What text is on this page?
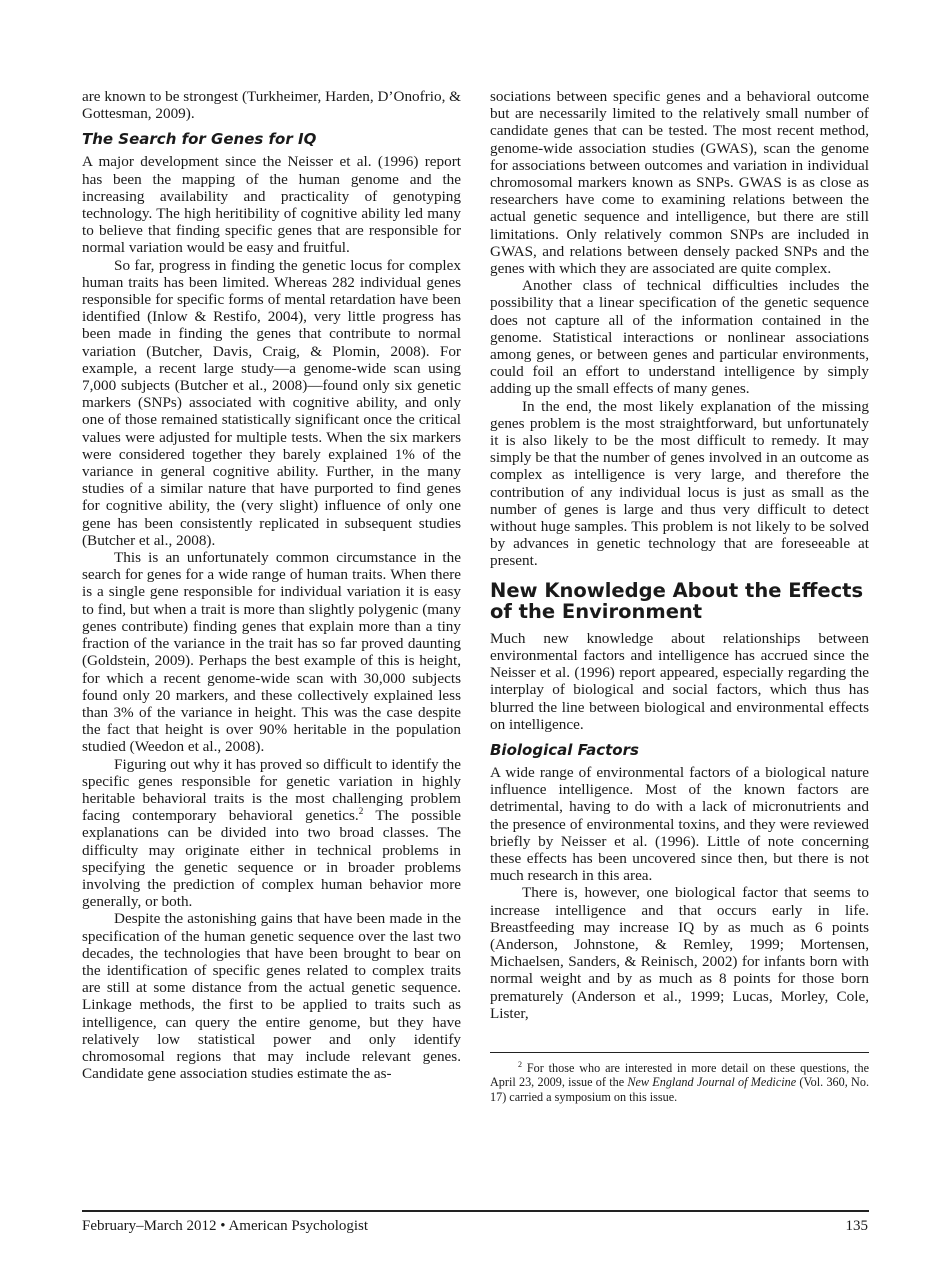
are known to be strongest (Turkheimer, Harden, D’Onofrio, & Gottesman, 2009).

The Search for Genes for IQ

A major development since the Neisser et al. (1996) report has been the mapping of the human genome and the increasing availability and practicality of genotyping technology. The high heritibility of cognitive ability led many to believe that finding specific genes that are responsible for normal variation would be easy and fruitful.

So far, progress in finding the genetic locus for complex human traits has been limited. Whereas 282 individual genes responsible for specific forms of mental retardation have been identified (Inlow & Restifo, 2004), very little progress has been made in finding the genes that contribute to normal variation (Butcher, Davis, Craig, & Plomin, 2008). For example, a recent large study—a genome-wide scan using 7,000 subjects (Butcher et al., 2008)—found only six genetic markers (SNPs) associated with cognitive ability, and only one of those remained statistically significant once the critical values were adjusted for multiple tests. When the six markers were considered together they barely explained 1% of the variance in general cognitive ability. Further, in the many studies of a similar nature that have purported to find genes for cognitive ability, the (very slight) influence of only one gene has been consistently replicated in subsequent studies (Butcher et al., 2008).

This is an unfortunately common circumstance in the search for genes for a wide range of human traits. When there is a single gene responsible for individual variation it is easy to find, but when a trait is more than slightly polygenic (many genes contribute) finding genes that explain more than a tiny fraction of the variance in the trait has so far proved daunting (Goldstein, 2009). Perhaps the best example of this is height, for which a recent genome-wide scan with 30,000 subjects found only 20 markers, and these collectively explained less than 3% of the variance in height. This was the case despite the fact that height is over 90% heritable in the population studied (Weedon et al., 2008).

Figuring out why it has proved so difficult to identify the specific genes responsible for genetic variation in highly heritable behavioral traits is the most challenging problem facing contemporary behavioral genetics.$^2$ The possible explanations can be divided into two broad classes. The difficulty may originate either in technical problems in specifying the genetic sequence or in broader problems involving the prediction of complex human behavior more generally, or both.

Despite the astonishing gains that have been made in the specification of the human genetic sequence over the last two decades, the technologies that have been brought to bear on the identification of specific genes related to complex traits are still at some distance from the actual genetic sequence. Linkage methods, the first to be applied to traits such as intelligence, can query the entire genome, but they have relatively low statistical power and only identify chromosomal regions that may include relevant genes. Candidate gene association studies estimate the as-

sociations between specific genes and a behavioral outcome but are necessarily limited to the relatively small number of candidate genes that can be tested. The most recent method, genome-wide association studies (GWAS), scan the genome for associations between outcomes and variation in individual chromosomal markers known as SNPs. GWAS is as close as researchers have come to examining relations between the actual genetic sequence and intelligence, but there are still limitations. Only relatively common SNPs are included in GWAS, and relations between densely packed SNPs and the genes with which they are associated are quite complex.

Another class of technical difficulties includes the possibility that a linear specification of the genetic sequence does not capture all of the information contained in the genome. Statistical interactions or nonlinear associations among genes, or between genes and particular environments, could foil an effort to understand intelligence by simply adding up the small effects of many genes.

In the end, the most likely explanation of the missing genes problem is the most straightforward, but unfortunately it is also likely to be the most difficult to remedy. It may simply be that the number of genes involved in an outcome as complex as intelligence is very large, and therefore the contribution of any individual locus is just as small as the number of genes is large and thus very difficult to detect without huge samples. This problem is not likely to be solved by advances in genetic technology that are foreseeable at present.

New Knowledge About the Effects of the Environment

Much new knowledge about relationships between environmental factors and intelligence has accrued since the Neisser et al. (1996) report appeared, especially regarding the interplay of biological and social factors, which thus has blurred the line between biological and environmental effects on intelligence.

Biological Factors

A wide range of environmental factors of a biological nature influence intelligence. Most of the known factors are detrimental, having to do with a lack of micronutrients and the presence of environmental toxins, and they were reviewed briefly by Neisser et al. (1996). Little of note concerning these effects has been uncovered since then, but there is not much research in this area.

There is, however, one biological factor that seems to increase intelligence and that occurs early in life. Breastfeeding may increase IQ by as much as 6 points (Anderson, Johnstone, & Remley, 1999; Mortensen, Michaelsen, Sanders, & Reinisch, 2002) for infants born with normal weight and by as much as 8 points for those born prematurely (Anderson et al., 1999; Lucas, Morley, Cole, Lister,

$^2$ For those who are interested in more detail on these questions, the April 23, 2009, issue of the New England Journal of Medicine (Vol. 360, No. 17) carried a symposium on this issue.
February–March 2012 • American Psychologist	135
